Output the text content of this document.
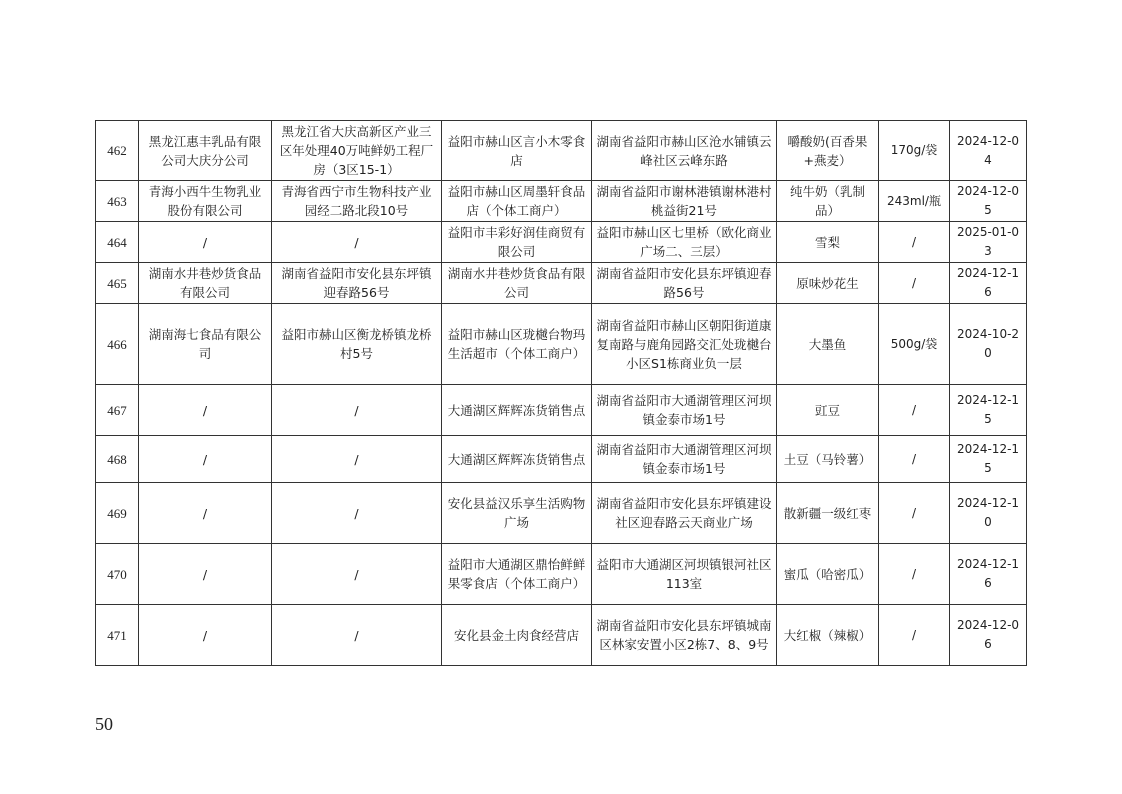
462	黑龙江惠丰乳品有限公司大庆分公司	黑龙江省大庆高新区产业三区年处理40万吨鲜奶工程厂房（3区15-1）	益阳市赫山区言小木零食店	湖南省益阳市赫山区沧水铺镇云峰社区云峰东路	嚼酸奶(百香果+燕麦）	170g/袋	2024-12-04
463	青海小西牛生物乳业股份有限公司	青海省西宁市生物科技产业园经二路北段10号	益阳市赫山区周墨轩食品店（个体工商户）	湖南省益阳市谢林港镇谢林港村桃益街21号	纯牛奶（乳制品）	243ml/瓶	2024-12-05
464	/	/	益阳市丰彩好润佳商贸有限公司	益阳市赫山区七里桥（欧化商业广场二、三层）	雪梨	/	2025-01-03
465	湖南水井巷炒货食品有限公司	湖南省益阳市安化县东坪镇迎春路56号	湖南水井巷炒货食品有限公司	湖南省益阳市安化县东坪镇迎春路56号	原味炒花生	/	2024-12-16
466	湖南海七食品有限公司	益阳市赫山区衡龙桥镇龙桥村5号	益阳市赫山区珑樾台物玛生活超市（个体工商户）	湖南省益阳市赫山区朝阳街道康复南路与鹿角园路交汇处珑樾台小区S1栋商业负一层	大墨鱼	500g/袋	2024-10-20
467	/	/	大通湖区辉辉冻货销售点	湖南省益阳市大通湖管理区河坝镇金泰市场1号	豇豆	/	2024-12-15
468	/	/	大通湖区辉辉冻货销售点	湖南省益阳市大通湖管理区河坝镇金泰市场1号	土豆（马铃薯）	/	2024-12-15
469	/	/	安化县益汉乐享生活购物广场	湖南省益阳市安化县东坪镇建设社区迎春路云天商业广场	散新疆一级红枣	/	2024-12-10
470	/	/	益阳市大通湖区鼎怡鲜鲜果零食店（个体工商户）	益阳市大通湖区河坝镇银河社区113室	蜜瓜（哈密瓜）	/	2024-12-16
471	/	/	安化县金土肉食经营店	湖南省益阳市安化县东坪镇城南区林家安置小区2栋7、8、9号	大红椒（辣椒）	/	2024-12-06
50
